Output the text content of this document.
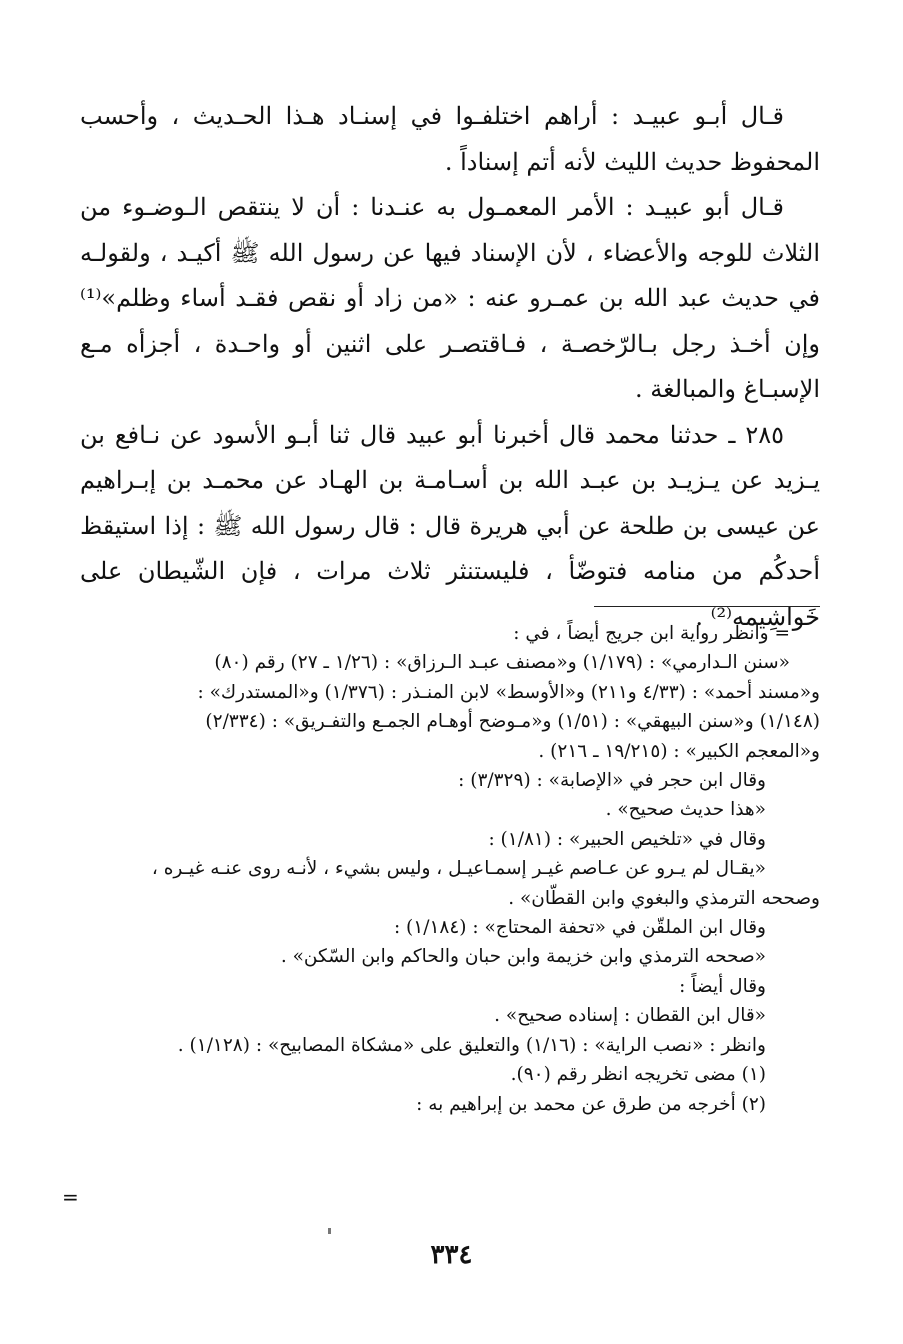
قـال أبـو عبيـد : أراهم اختلفـوا في إسنـاد هـذا الحـديث ، وأحسب المحفوظ حديث الليث لأنه أتم إسناداً .

قـال أبو عبيـد : الأمر المعمـول به عنـدنا : أن لا ينتقص الـوضـوء من الثلاث للوجه والأعضاء ، لأن الإسناد فيها عن رسول الله ﷺ أكيـد ، ولقولـه في حديث عبد الله بن عمـرو عنه : «من زاد أو نقص فقـد أساء وظلم»⁽¹⁾ وإن أخـذ رجل بـالرّخصـة ، فـاقتصـر على اثنين أو واحـدة ، أجزأه مـع الإسبـاغ والمبالغة .

٢٨٥ ـ حدثنا محمد قال أخبرنا أبو عبيد قال ثنا أبـو الأسود عن نـافع بن يـزيد عن يـزيـد بن عبـد الله بن أسـامـة بن الهـاد عن محمـد بن إبـراهيم عن عيسى بن طلحة عن أبي هريرة قال : قال رسول الله ﷺ : إذا استيقظ أحدكُم من منامه فتوضّأ ، فليستنثر ثلاث مرات ، فإن الشّيطان على خَواشِيمه⁽²⁾ .

= وانظر رواية ابن جريج أيضاً ، في :
«سنن الـدارمي» : (١/١٧٩) و«مصنف عبـد الـرزاق» : (١/٢٦ ـ ٢٧) رقم (٨٠)
و«مسند أحمد» : (٤/٣٣ و٢١١) و«الأوسط» لابن المنـذر : (١/٣٧٦) و«المستدرك» :
(١/١٤٨) و«سنن البيهقي» : (١/٥١) و«مـوضح أوهـام الجمـع والتفـريق» : (٢/٣٣٤)
و«المعجم الكبير» : (١٩/٢١٥ ـ ٢١٦) .
وقال ابن حجر في «الإصابة» : (٣/٣٢٩) :
«هذا حديث صحيح» .
وقال في «تلخيص الحبير» : (١/٨١) :
«يقـال لم يـرو عن عـاصم غيـر إسمـاعيـل ، وليس بشيء ، لأنـه روى عنـه غيـره ،
وصححه الترمذي والبغوي وابن القطّان» .
وقال ابن الملقّن في «تحفة المحتاج» : (١/١٨٤) :
«صححه الترمذي وابن خزيمة وابن حبان والحاكم وابن السّكن» .
وقال أيضاً :
«قال ابن القطان : إسناده صحيح» .
وانظر : «نصب الراية» : (١/١٦) والتعليق على «مشكاة المصابيح» : (١/١٢٨) .
(١) مضى تخريجه انظر رقم (٩٠).
(٢) أخرجه من طرق عن محمد بن إبراهيم به :
=
٣٣٤
